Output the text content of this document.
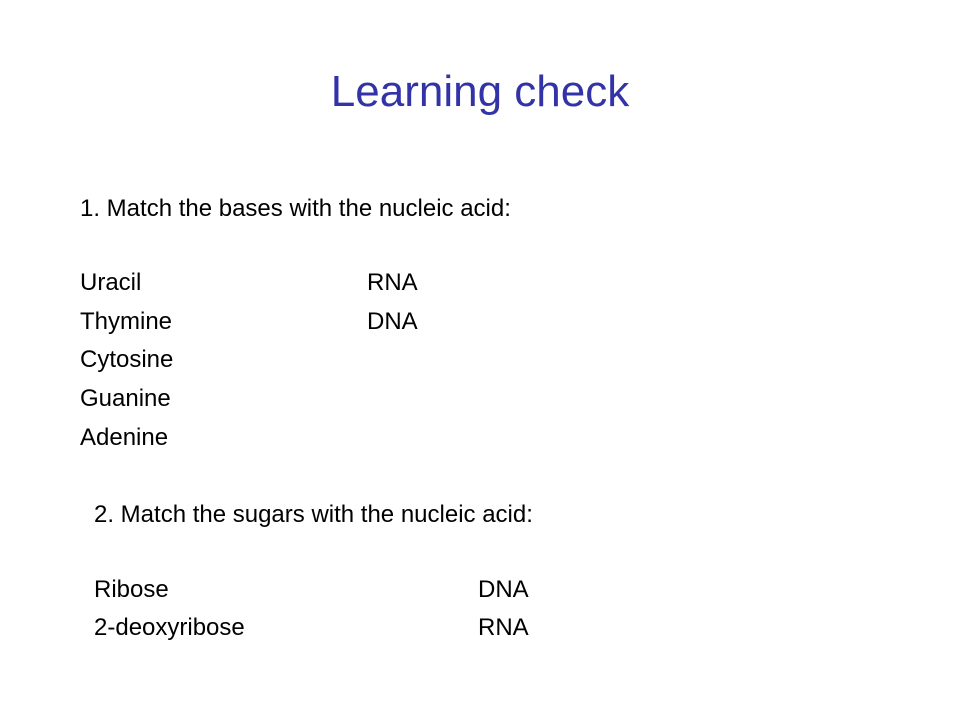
Learning check

1. Match the bases with the nucleic acid:

Uracil	RNA
Thymine	DNA
Cytosine
Guanine
Adenine

2. Match the sugars with the nucleic acid:

Ribose	DNA
2-deoxyribose	RNA
